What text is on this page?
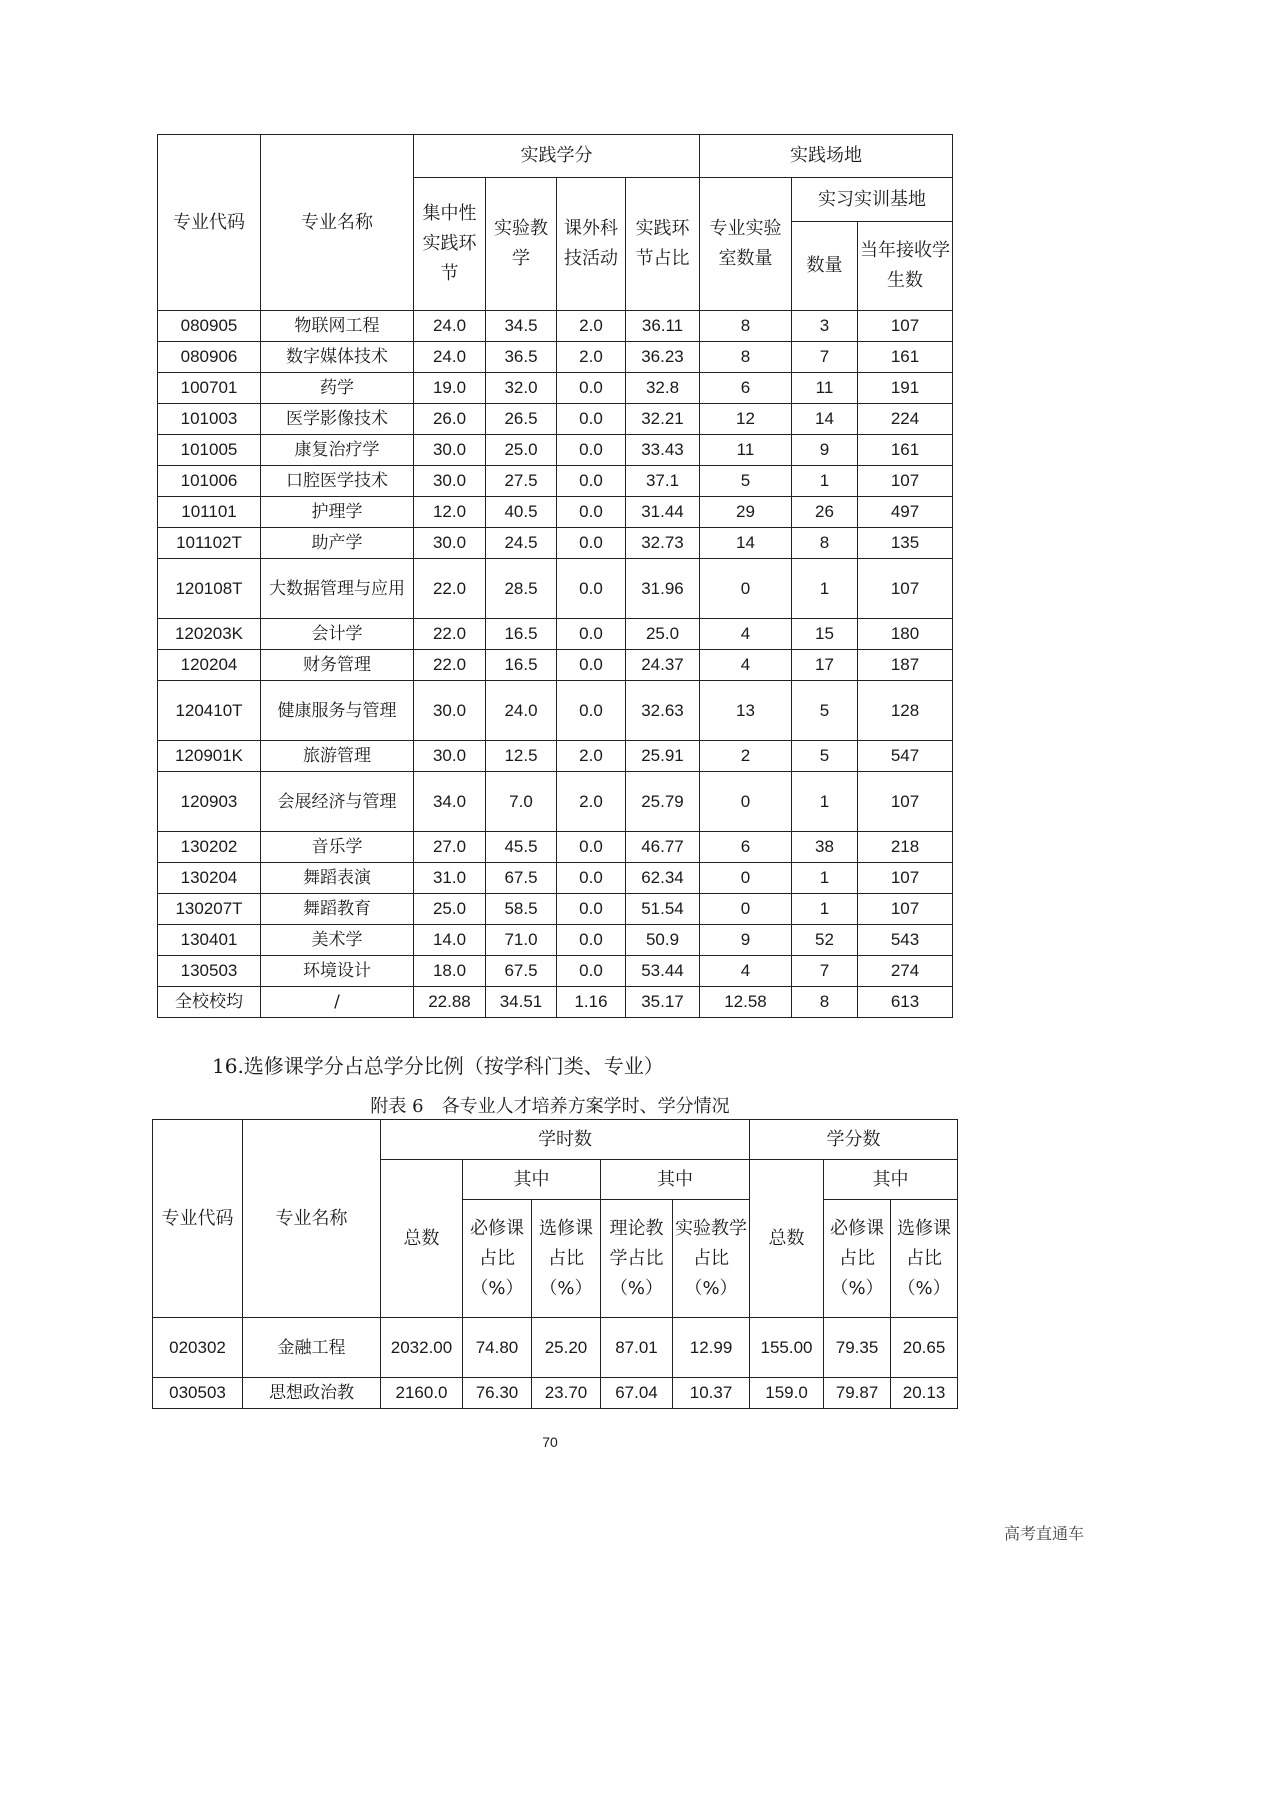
专业代码	专业名称	实践学分				实践场地		
		集中性实践环节	实验教学	课外科技活动	实践环节占比	专业实验室数量	实习实训基地	
							数量	当年接收学生数
080905	物联网工程	24.0	34.5	2.0	36.11	8	3	107
080906	数字媒体技术	24.0	36.5	2.0	36.23	8	7	161
100701	药学	19.0	32.0	0.0	32.8	6	11	191
101003	医学影像技术	26.0	26.5	0.0	32.21	12	14	224
101005	康复治疗学	30.0	25.0	0.0	33.43	11	9	161
101006	口腔医学技术	30.0	27.5	0.0	37.1	5	1	107
101101	护理学	12.0	40.5	0.0	31.44	29	26	497
101102T	助产学	30.0	24.5	0.0	32.73	14	8	135
120108T	大数据管理与应用	22.0	28.5	0.0	31.96	0	1	107
120203K	会计学	22.0	16.5	0.0	25.0	4	15	180
120204	财务管理	22.0	16.5	0.0	24.37	4	17	187
120410T	健康服务与管理	30.0	24.0	0.0	32.63	13	5	128
120901K	旅游管理	30.0	12.5	2.0	25.91	2	5	547
120903	会展经济与管理	34.0	7.0	2.0	25.79	0	1	107
130202	音乐学	27.0	45.5	0.0	46.77	6	38	218
130204	舞蹈表演	31.0	67.5	0.0	62.34	0	1	107
130207T	舞蹈教育	25.0	58.5	0.0	51.54	0	1	107
130401	美术学	14.0	71.0	0.0	50.9	9	52	543
130503	环境设计	18.0	67.5	0.0	53.44	4	7	274
全校校均	/	22.88	34.51	1.16	35.17	12.58	8	613
16.选修课学分占总学分比例（按学科门类、专业）
附表 6　各专业人才培养方案学时、学分情况
专业代码	专业名称	学时数					学分数		
		总数	其中		其中		总数	其中	
			必修课占比（%）	选修课占比（%）	理论教学占比（%）	实验教学占比（%）		必修课占比（%）	选修课占比（%）
020302	金融工程	2032.00	74.80	25.20	87.01	12.99	155.00	79.35	20.65
030503	思想政治教	2160.0	76.30	23.70	67.04	10.37	159.0	79.87	20.13
70
高考直通车
